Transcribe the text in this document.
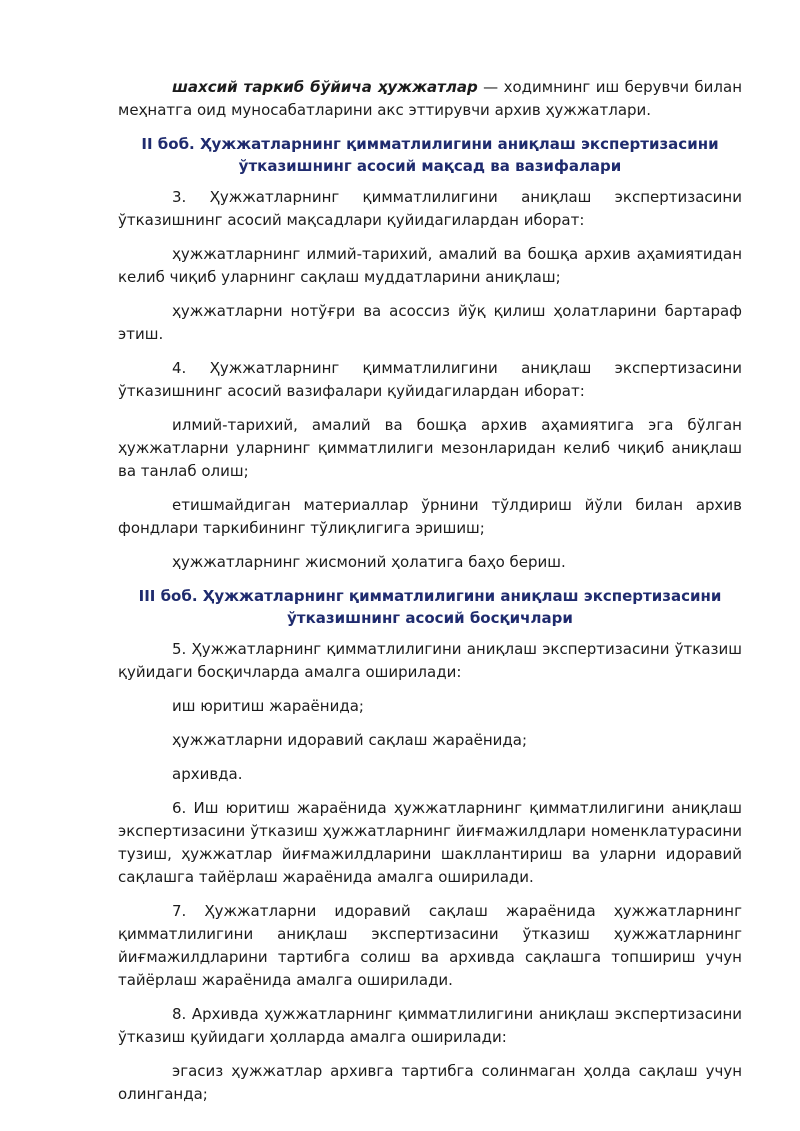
шахсий таркиб бўйича ҳужжатлар — ходимнинг иш берувчи билан меҳнатга оид муносабатларини акс эттирувчи архив ҳужжатлари.

II боб. Ҳужжатларнинг қимматлилигини аниқлаш экспертизасини
ўтказишнинг асосий мақсад ва вазифалари

3. Ҳужжатларнинг қимматлилигини аниқлаш экспертизасини ўтказишнинг асосий мақсадлари қуйидагилардан иборат:

ҳужжатларнинг илмий-тарихий, амалий ва бошқа архив аҳамиятидан келиб чиқиб уларнинг сақлаш муддатларини аниқлаш;

ҳужжатларни нотўғри ва асоссиз йўқ қилиш ҳолатларини бартараф этиш.

4. Ҳужжатларнинг қимматлилигини аниқлаш экспертизасини ўтказишнинг асосий вазифалари қуйидагилардан иборат:

илмий-тарихий, амалий ва бошқа архив аҳамиятига эга бўлган ҳужжатларни уларнинг қимматлилиги мезонларидан келиб чиқиб аниқлаш ва танлаб олиш;

етишмайдиган материаллар ўрнини тўлдириш йўли билан архив фондлари таркибининг тўлиқлигига эришиш;

ҳужжатларнинг жисмоний ҳолатига баҳо бериш.

III боб. Ҳужжатларнинг қимматлилигини аниқлаш экспертизасини
ўтказишнинг асосий босқичлари

5. Ҳужжатларнинг қимматлилигини аниқлаш экспертизасини ўтказиш қуйидаги босқичларда амалга оширилади:

иш юритиш жараёнида;

ҳужжатларни идоравий сақлаш жараёнида;

архивда.

6. Иш юритиш жараёнида ҳужжатларнинг қимматлилигини аниқлаш экспертизасини ўтказиш ҳужжатларнинг йиғмажилдлари номенклатурасини тузиш, ҳужжатлар йиғмажилдларини шакллантириш ва уларни идоравий сақлашга тайёрлаш жараёнида амалга оширилади.

7. Ҳужжатларни идоравий сақлаш жараёнида ҳужжатларнинг қимматлилигини аниқлаш экспертизасини ўтказиш ҳужжатларнинг йиғмажилдларини тартибга солиш ва архивда сақлашга топшириш учун тайёрлаш жараёнида амалга оширилади.

8. Архивда ҳужжатларнинг қимматлилигини аниқлаш экспертизасини ўтказиш қуйидаги ҳолларда амалга оширилади:

эгасиз ҳужжатлар архивга тартибга солинмаган ҳолда сақлаш учун олинганда;
